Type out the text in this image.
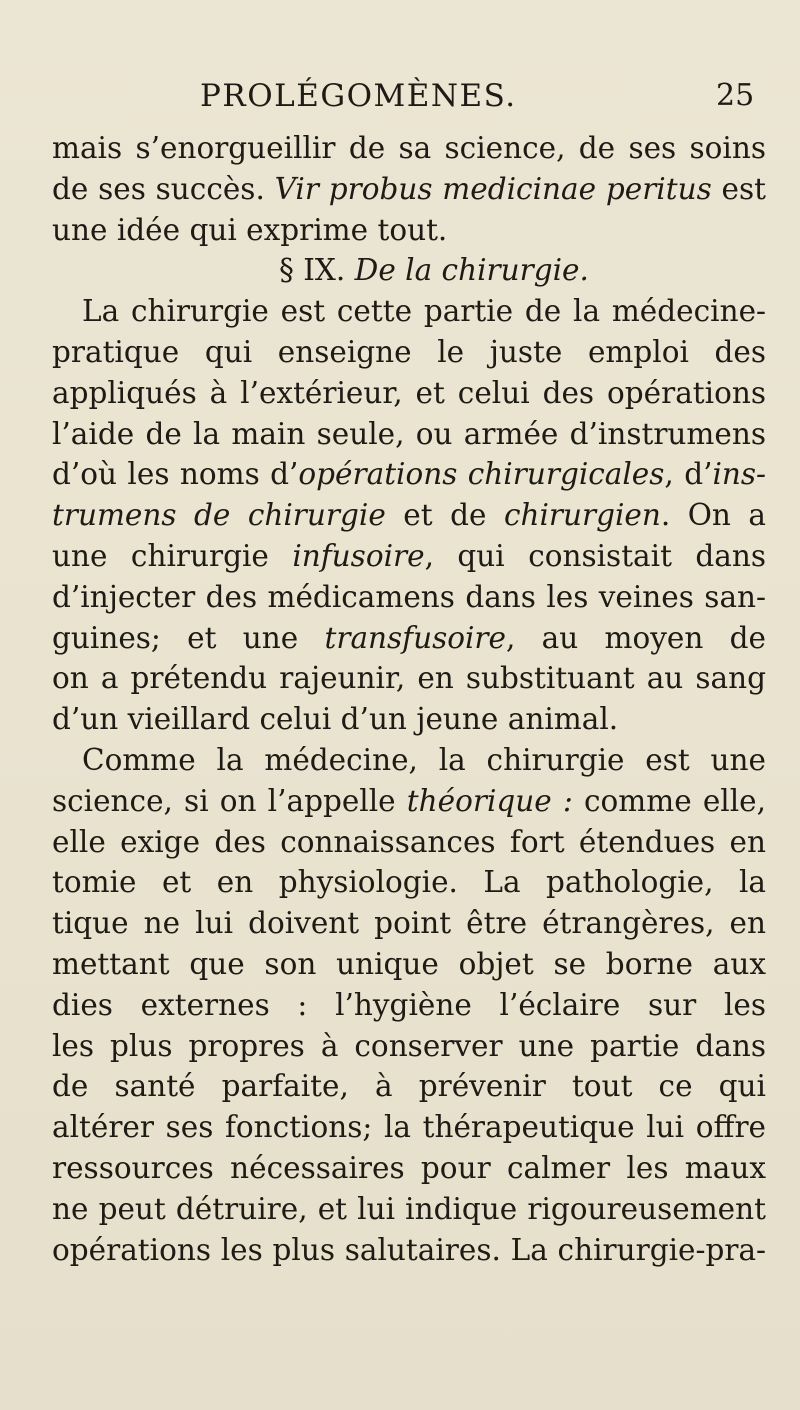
PROLÉGOMÈNES.	25
mais s’enorgueillir de sa science, de ses soins
de ses succès. Vir probus medicinae peritus est
une idée qui exprime tout.
§ IX. De la chirurgie.
La chirurgie est cette partie de la médecine-
pratique qui enseigne le juste emploi des
appliqués à l’extérieur, et celui des opérations
l’aide de la main seule, ou armée d’instrumens
d’où les noms d’opérations chirurgicales, d’ins-
trumens de chirurgie et de chirurgien. On a
une chirurgie infusoire, qui consistait dans
d’injecter des médicamens dans les veines san-
guines; et une transfusoire, au moyen de
on a prétendu rajeunir, en substituant au sang
d’un vieillard celui d’un jeune animal.
Comme la médecine, la chirurgie est une
science, si on l’appelle théorique : comme elle,
elle exige des connaissances fort étendues en
tomie et en physiologie. La pathologie, la
tique ne lui doivent point être étrangères, en
mettant que son unique objet se borne aux
dies externes : l’hygiène l’éclaire sur les
les plus propres à conserver une partie dans
de santé parfaite, à prévenir tout ce qui
altérer ses fonctions; la thérapeutique lui offre
ressources nécessaires pour calmer les maux
ne peut détruire, et lui indique rigoureusement
opérations les plus salutaires. La chirurgie-pra-
